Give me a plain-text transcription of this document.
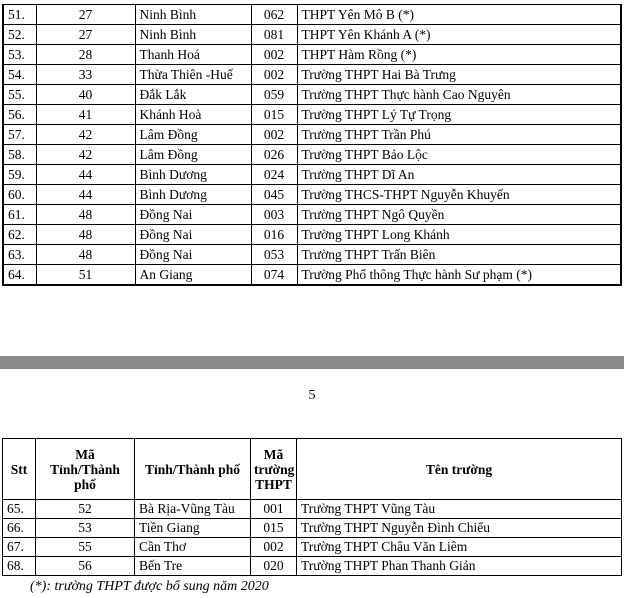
51.	27	Ninh Bình	062	THPT Yên Mô B (*)
52.	27	Ninh Bình	081	THPT Yên Khánh A (*)
53.	28	Thanh Hoá	002	THPT Hàm Rồng (*)
54.	33	Thừa Thiên -Huế	002	Trường THPT Hai Bà Trưng
55.	40	Đắk Lắk	059	Trường THPT Thực hành Cao Nguyên
56.	41	Khánh Hoà	015	Trường THPT Lý Tự Trọng
57.	42	Lâm Đồng	002	Trường THPT Trần Phú
58.	42	Lâm Đồng	026	Trường THPT Bảo Lộc
59.	44	Bình Dương	024	Trường THPT Dĩ An
60.	44	Bình Dương	045	Trường THCS-THPT Nguyễn Khuyến
61.	48	Đồng Nai	003	Trường THPT Ngô Quyền
62.	48	Đồng Nai	016	Trường THPT Long Khánh
63.	48	Đồng Nai	053	Trường THPT Trấn Biên
64.	51	An Giang	074	Trường Phổ thông Thực hành Sư phạm (*)
5
Stt	Mã Tỉnh/Thành phố	Tỉnh/Thành phố	Mã trường THPT	Tên trường
65.	52	Bà Rịa-Vũng Tàu	001	Trường THPT Vũng Tàu
66.	53	Tiền Giang	015	Trường THPT Nguyễn Đình Chiểu
67.	55	Cần Thơ	002	Trường THPT Châu Văn Liêm
68.	56	Bến Tre	020	Trường THPT Phan Thanh Giản
(*): trường THPT được bổ sung năm 2020
